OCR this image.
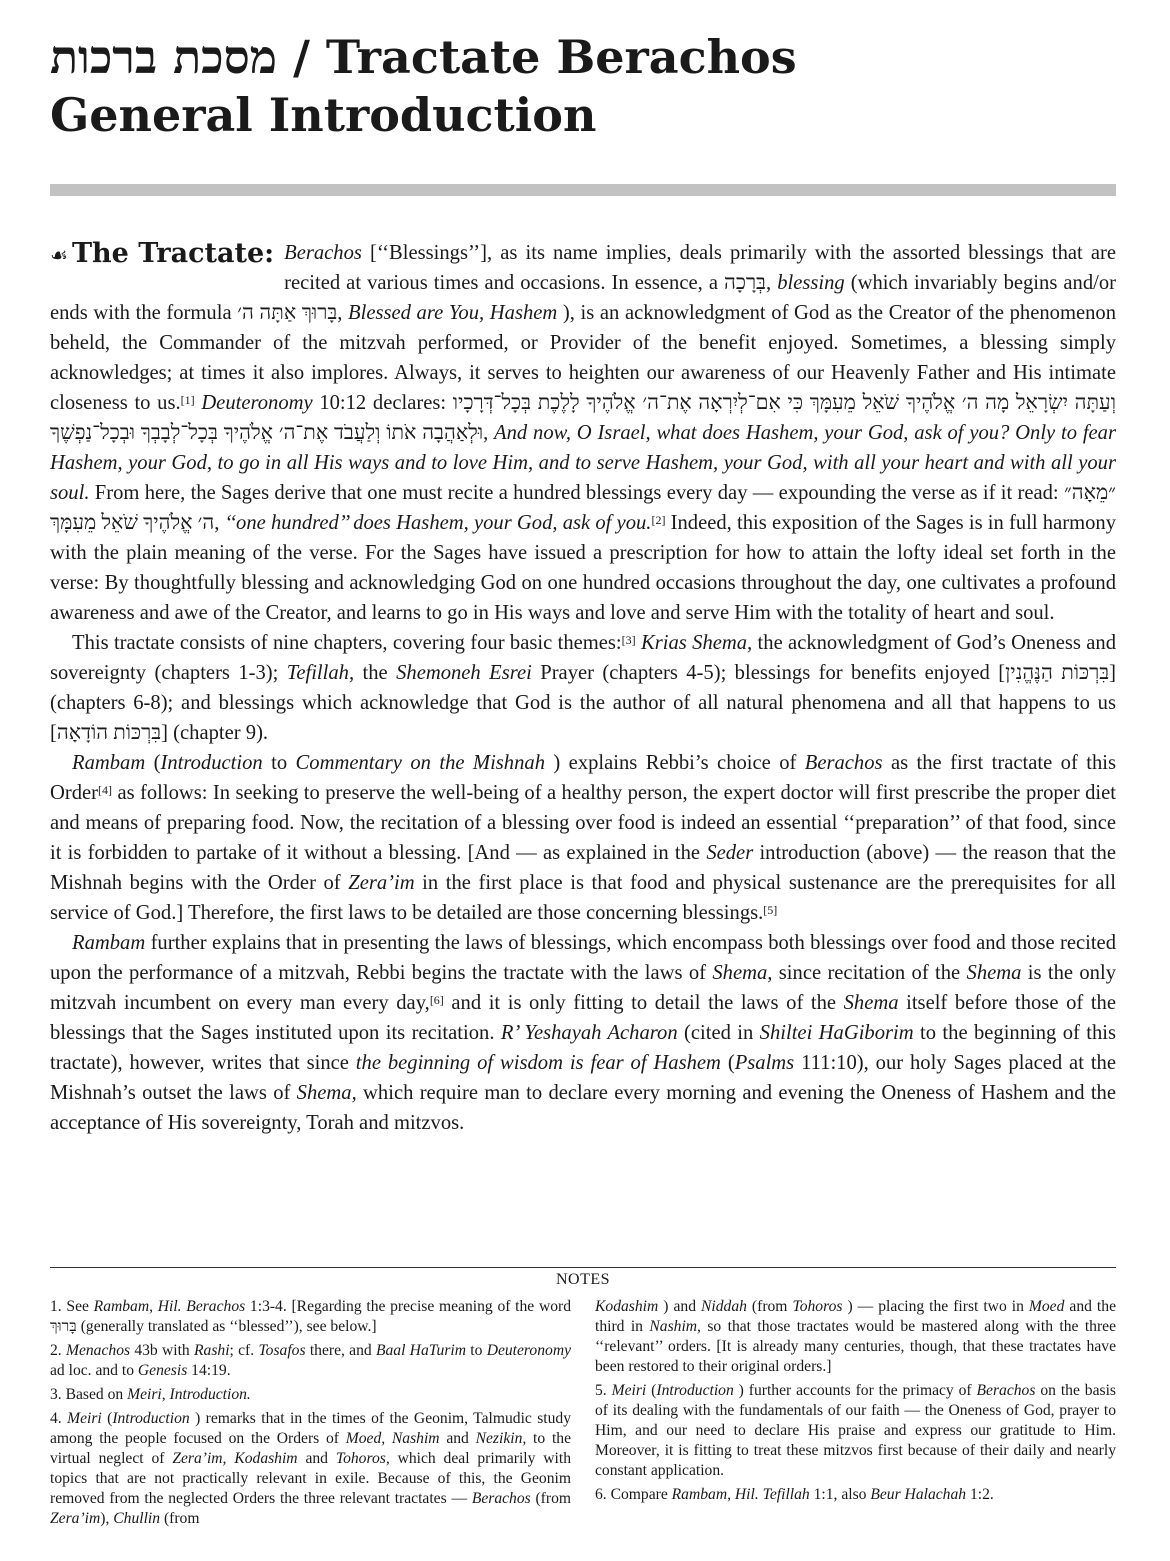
מסכת ברכות / Tractate Berachos
General Introduction
☙ The Tractate: Berachos [‘‘Blessings’’], as its name implies, deals primarily with the assorted blessings that are recited at various times and occasions. In essence, a בְּרָכָה, blessing (which invariably begins and/or ends with the formula בָּרוּךְ אַתָּה ה׳, Blessed are You, Hashem ), is an acknowledgment of God as the Creator of the phenomenon beheld, the Commander of the mitzvah performed, or Provider of the benefit enjoyed. Sometimes, a blessing simply acknowledges; at times it also implores. Always, it serves to heighten our awareness of our Heavenly Father and His intimate closeness to us.[1] Deuteronomy 10:12 declares: וְעַתָּה יִשְׂרָאֵל מָה ה׳ אֱלֹהֶיךָ שֹׁאֵל מֵעִמָּךְ כִּי אִם־לְיִרְאָה אֶת־ה׳ אֱלֹהֶיךָ לָלֶכֶת בְּכָל־דְּרָכָיו וּלְאַהֲבָה אֹתוֹ וְלַעֲבֹד אֶת־ה׳ אֱלֹהֶיךָ בְּכָל־לְבָבְךָ וּבְכָל־נַפְשֶׁךָ, And now, O Israel, what does Hashem, your God, ask of you? Only to fear Hashem, your God, to go in all His ways and to love Him, and to serve Hashem, your God, with all your heart and with all your soul. From here, the Sages derive that one must recite a hundred blessings every day — expounding the verse as if it read: ״מֵאָה״ ה׳ אֱלֹהֶיךָ שֹׁאֵל מֵעִמָּךְ, ‘‘one hundred’’ does Hashem, your God, ask of you.[2] Indeed, this exposition of the Sages is in full harmony with the plain meaning of the verse. For the Sages have issued a prescription for how to attain the lofty ideal set forth in the verse: By thoughtfully blessing and acknowledging God on one hundred occasions throughout the day, one cultivates a profound awareness and awe of the Creator, and learns to go in His ways and love and serve Him with the totality of heart and soul.

This tractate consists of nine chapters, covering four basic themes:[3] Krias Shema, the acknowledgment of God’s Oneness and sovereignty (chapters 1-3); Tefillah, the Shemoneh Esrei Prayer (chapters 4-5); blessings for benefits enjoyed [בִּרְכּוֹת הַנֶּהֱנִין] (chapters 6-8); and blessings which acknowledge that God is the author of all natural phenomena and all that happens to us [בִּרְכּוֹת הוֹדָאָה] (chapter 9).

Rambam (Introduction to Commentary on the Mishnah ) explains Rebbi’s choice of Berachos as the first tractate of this Order[4] as follows: In seeking to preserve the well-being of a healthy person, the expert doctor will first prescribe the proper diet and means of preparing food. Now, the recitation of a blessing over food is indeed an essential ‘‘preparation’’ of that food, since it is forbidden to partake of it without a blessing. [And — as explained in the Seder introduction (above) — the reason that the Mishnah begins with the Order of Zera’im in the first place is that food and physical sustenance are the prerequisites for all service of God.] Therefore, the first laws to be detailed are those concerning blessings.[5]

Rambam further explains that in presenting the laws of blessings, which encompass both blessings over food and those recited upon the performance of a mitzvah, Rebbi begins the tractate with the laws of Shema, since recitation of the Shema is the only mitzvah incumbent on every man every day,[6] and it is only fitting to detail the laws of the Shema itself before those of the blessings that the Sages instituted upon its recitation. R’ Yeshayah Acharon (cited in Shiltei HaGiborim to the beginning of this tractate), however, writes that since the beginning of wisdom is fear of Hashem (Psalms 111:10), our holy Sages placed at the Mishnah’s outset the laws of Shema, which require man to declare every morning and evening the Oneness of Hashem and the acceptance of His sovereignty, Torah and mitzvos.

NOTES

1. See Rambam, Hil. Berachos 1:3-4. [Regarding the precise meaning of the word בָּרוּךְ (generally translated as ‘‘blessed’’), see below.]

2. Menachos 43b with Rashi; cf. Tosafos there, and Baal HaTurim to Deuteronomy ad loc. and to Genesis 14:19.

3. Based on Meiri, Introduction.

4. Meiri (Introduction ) remarks that in the times of the Geonim, Talmudic study among the people focused on the Orders of Moed, Nashim and Nezikin, to the virtual neglect of Zera’im, Kodashim and Tohoros, which deal primarily with topics that are not practically relevant in exile. Because of this, the Geonim removed from the neglected Orders the three relevant tractates — Berachos (from Zera’im), Chullin (from

Kodashim ) and Niddah (from Tohoros ) — placing the first two in Moed and the third in Nashim, so that those tractates would be mastered along with the three ‘‘relevant’’ orders. [It is already many centuries, though, that these tractates have been restored to their original orders.]

5. Meiri (Introduction ) further accounts for the primacy of Berachos on the basis of its dealing with the fundamentals of our faith — the Oneness of God, prayer to Him, and our need to declare His praise and express our gratitude to Him. Moreover, it is fitting to treat these mitzvos first because of their daily and nearly constant application.

6. Compare Rambam, Hil. Tefillah 1:1, also Beur Halachah 1:2.
